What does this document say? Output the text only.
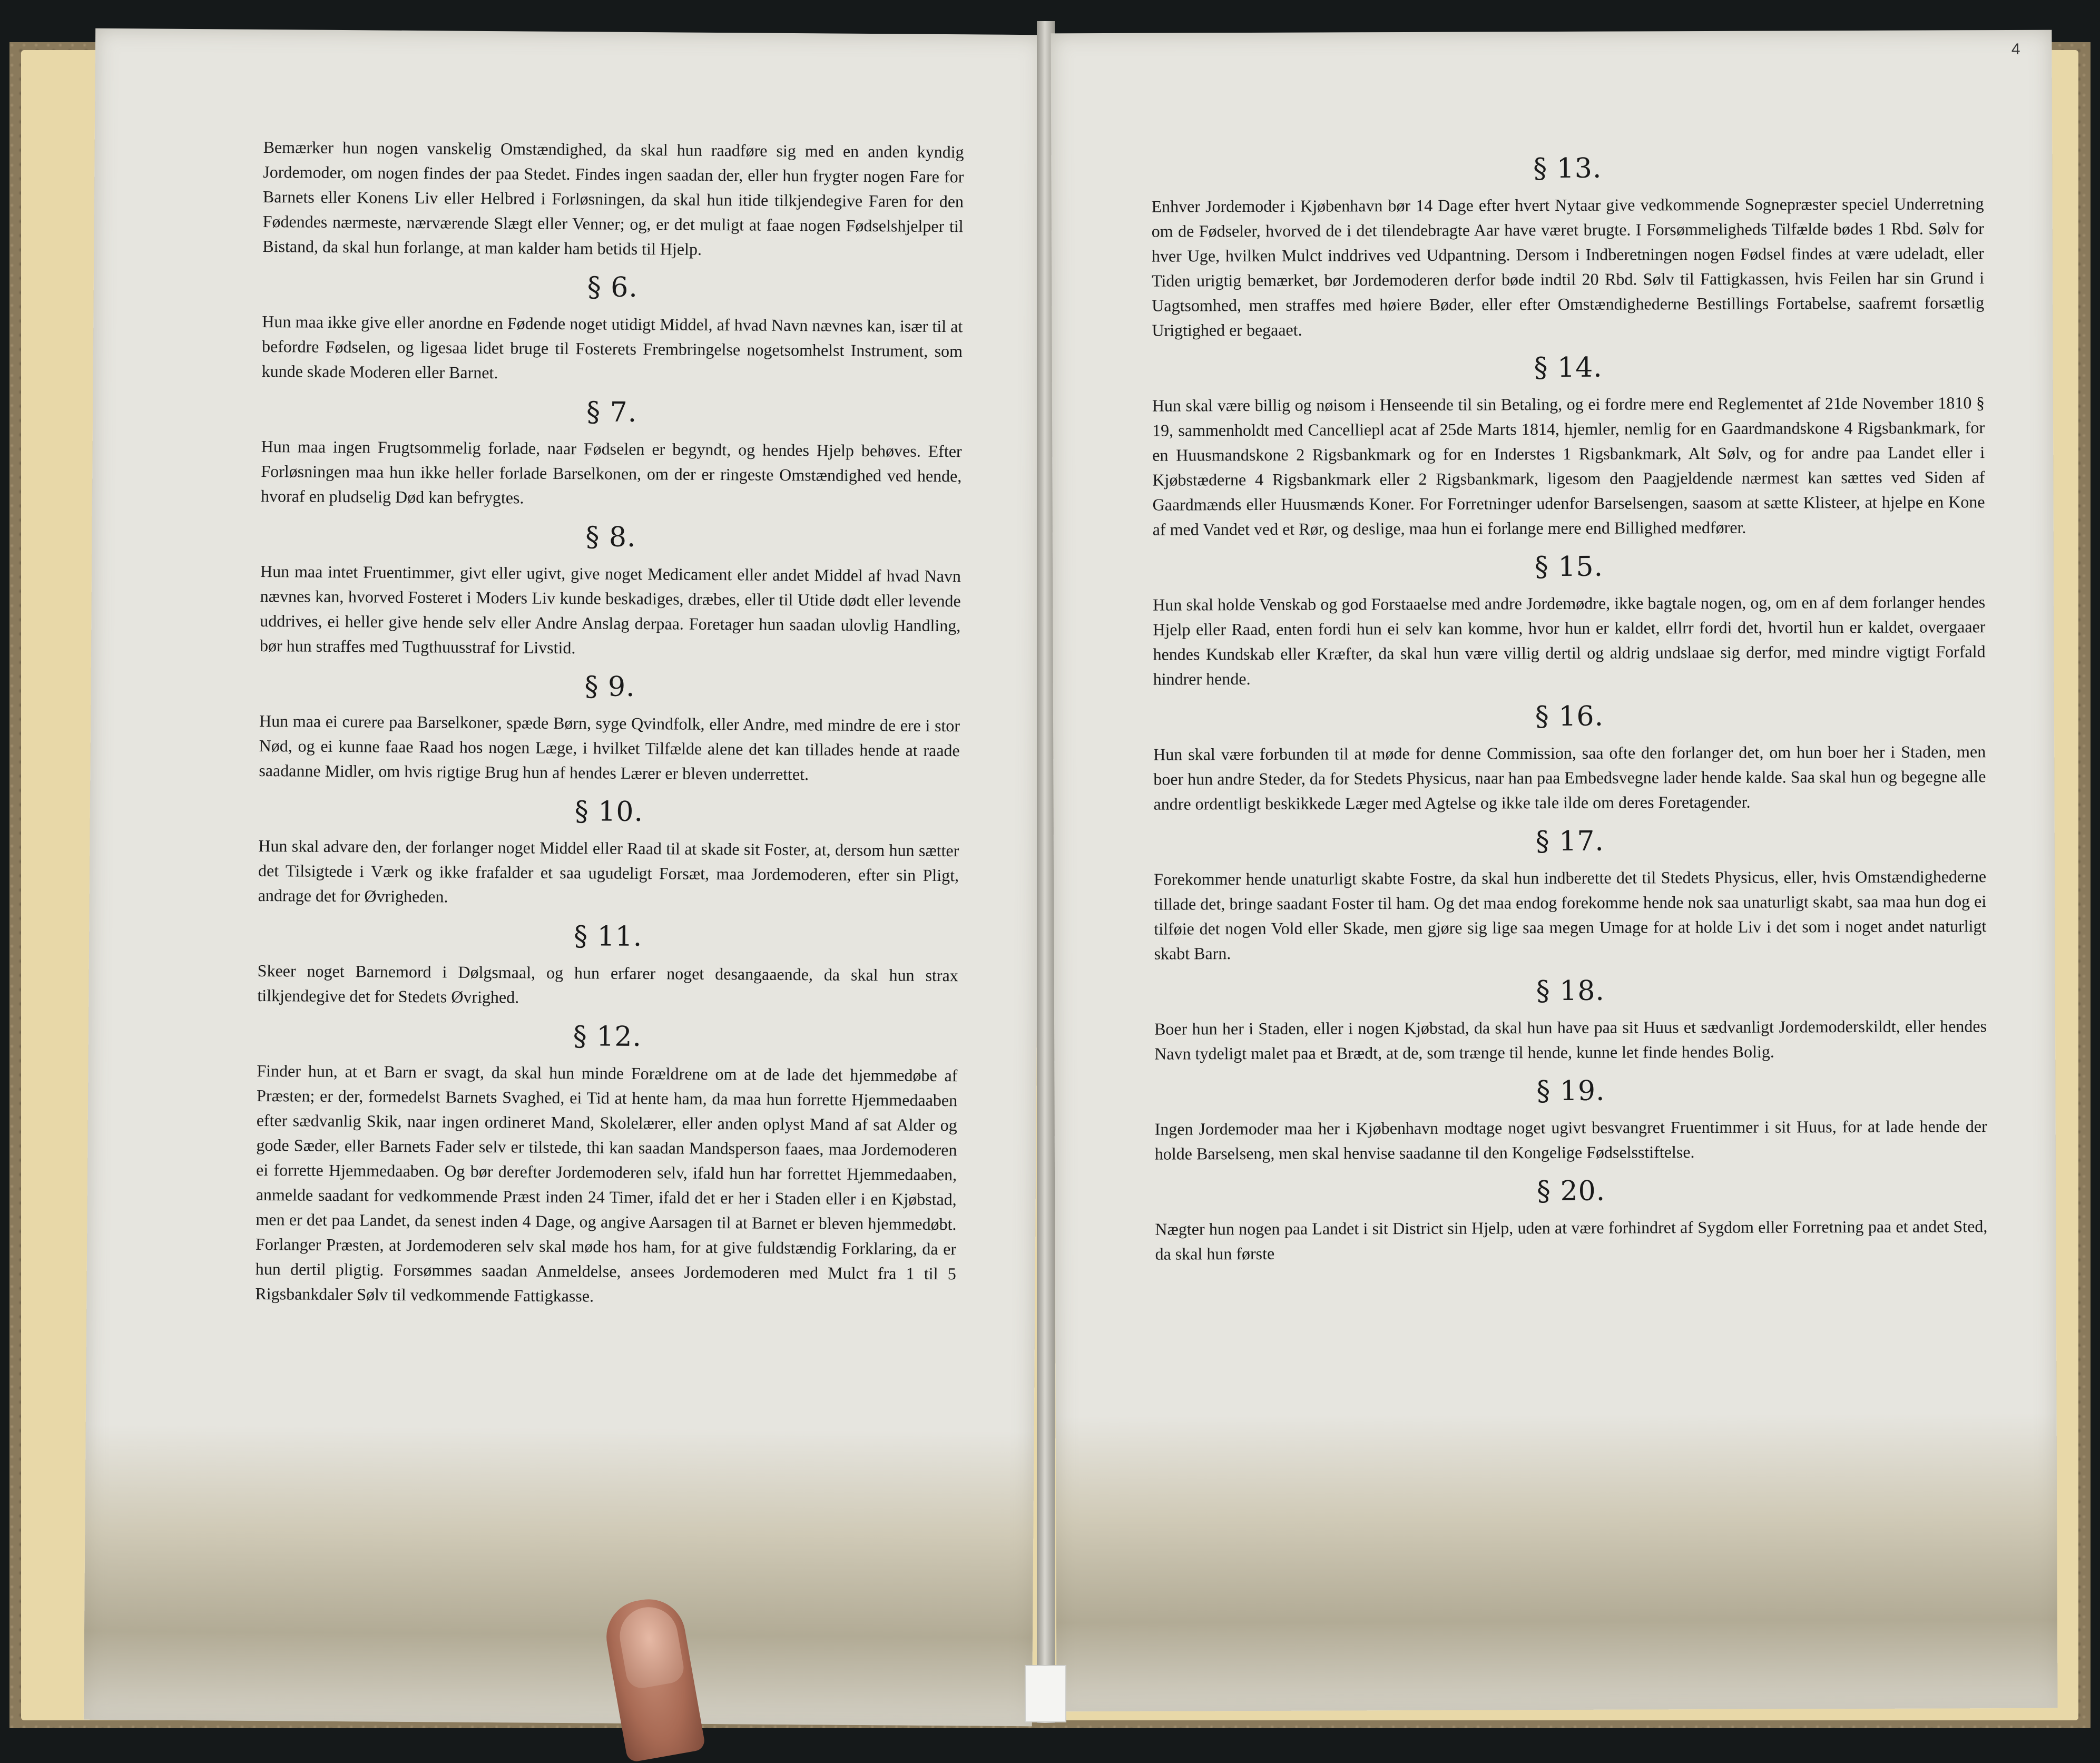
Bemærker hun nogen vanskelig Omstændighed, da skal hun raadføre sig med en anden kyndig Jordemoder, om nogen findes der paa Stedet. Findes ingen saadan der, eller hun frygter nogen Fare for Barnets eller Konens Liv eller Helbred i Forløsningen, da skal hun itide tilkjendegive Faren for den Fødendes nærmeste, nærværende Slægt eller Venner; og, er det muligt at faae nogen Fødselshjelper til Bistand, da skal hun forlange, at man kalder ham betids til Hjelp.

§ 6.

Hun maa ikke give eller anordne en Fødende noget utidigt Middel, af hvad Navn nævnes kan, især til at befordre Fødselen, og ligesaa lidet bruge til Fosterets Frembringelse nogetsomhelst Instrument, som kunde skade Moderen eller Barnet.

§ 7.

Hun maa ingen Frugtsommelig forlade, naar Fødselen er begyndt, og hendes Hjelp behøves. Efter Forløsningen maa hun ikke heller forlade Barselkonen, om der er ringeste Omstændighed ved hende, hvoraf en pludselig Død kan befrygtes.

§ 8.

Hun maa intet Fruentimmer, givt eller ugivt, give noget Medicament eller andet Middel af hvad Navn nævnes kan, hvorved Fosteret i Moders Liv kunde beskadiges, dræbes, eller til Utide dødt eller levende uddrives, ei heller give hende selv eller Andre Anslag derpaa. Foretager hun saadan ulovlig Handling, bør hun straffes med Tugthuusstraf for Livstid.

§ 9.

Hun maa ei curere paa Barselkoner, spæde Børn, syge Qvindfolk, eller Andre, med mindre de ere i stor Nød, og ei kunne faae Raad hos nogen Læge, i hvilket Tilfælde alene det kan tillades hende at raade saadanne Midler, om hvis rigtige Brug hun af hendes Lærer er bleven underrettet.

§ 10.

Hun skal advare den, der forlanger noget Middel eller Raad til at skade sit Foster, at, dersom hun sætter det Tilsigtede i Værk og ikke frafalder et saa ugudeligt Forsæt, maa Jordemoderen, efter sin Pligt, andrage det for Øvrigheden.

§ 11.

Skeer noget Barnemord i Dølgsmaal, og hun erfarer noget desangaaende, da skal hun strax tilkjendegive det for Stedets Øvrighed.

§ 12.

Finder hun, at et Barn er svagt, da skal hun minde Forældrene om at de lade det hjemmedøbe af Præsten; er der, formedelst Barnets Svaghed, ei Tid at hente ham, da maa hun forrette Hjemmedaaben efter sædvanlig Skik, naar ingen ordineret Mand, Skolelærer, eller anden oplyst Mand af sat Alder og gode Sæder, eller Barnets Fader selv er tilstede, thi kan saadan Mandsperson faaes, maa Jordemoderen ei forrette Hjemmedaaben. Og bør derefter Jordemoderen selv, ifald hun har forrettet Hjemmedaaben, anmelde saadant for vedkommende Præst inden 24 Timer, ifald det er her i Staden eller i en Kjøbstad, men er det paa Landet, da senest inden 4 Dage, og angive Aarsagen til at Barnet er bleven hjemmedøbt. Forlanger Præsten, at Jordemoderen selv skal møde hos ham, for at give fuldstændig Forklaring, da er hun dertil pligtig. Forsømmes saadan Anmeldelse, ansees Jordemoderen med Mulct fra 1 til 5 Rigsbankdaler Sølv til vedkommende Fattigkasse.

4
§ 13.

Enhver Jordemoder i Kjøbenhavn bør 14 Dage efter hvert Nytaar give vedkommende Sognepræster speciel Underretning om de Fødseler, hvorved de i det tilendebragte Aar have været brugte. I Forsømmeligheds Tilfælde bødes 1 Rbd. Sølv for hver Uge, hvilken Mulct inddrives ved Udpantning. Dersom i Indberetningen nogen Fødsel findes at være udeladt, eller Tiden urigtig bemærket, bør Jordemoderen derfor bøde indtil 20 Rbd. Sølv til Fattigkassen, hvis Feilen har sin Grund i Uagtsomhed, men straffes med høiere Bøder, eller efter Omstændighederne Bestillings Fortabelse, saafremt forsætlig Urigtighed er begaaet.

§ 14.

Hun skal være billig og nøisom i Henseende til sin Betaling, og ei fordre mere end Reglementet af 21de November 1810 § 19, sammenholdt med Cancelliepl acat af 25de Marts 1814, hjemler, nemlig for en Gaardmandskone 4 Rigsbankmark, for en Huusmandskone 2 Rigsbankmark og for en Inderstes 1 Rigsbankmark, Alt Sølv, og for andre paa Landet eller i Kjøbstæderne 4 Rigsbankmark eller 2 Rigsbankmark, ligesom den Paagjeldende nærmest kan sættes ved Siden af Gaardmænds eller Huusmænds Koner. For Forretninger udenfor Barselsengen, saasom at sætte Klisteer, at hjelpe en Kone af med Vandet ved et Rør, og deslige, maa hun ei forlange mere end Billighed medfører.

§ 15.

Hun skal holde Venskab og god Forstaaelse med andre Jordemødre, ikke bagtale nogen, og, om en af dem forlanger hendes Hjelp eller Raad, enten fordi hun ei selv kan komme, hvor hun er kaldet, ellrr fordi det, hvortil hun er kaldet, overgaaer hendes Kundskab eller Kræfter, da skal hun være villig dertil og aldrig undslaae sig derfor, med mindre vigtigt Forfald hindrer hende.

§ 16.

Hun skal være forbunden til at møde for denne Commission, saa ofte den forlanger det, om hun boer her i Staden, men boer hun andre Steder, da for Stedets Physicus, naar han paa Embedsvegne lader hende kalde. Saa skal hun og begegne alle andre ordentligt beskikkede Læger med Agtelse og ikke tale ilde om deres Foretagender.

§ 17.

Forekommer hende unaturligt skabte Fostre, da skal hun indberette det til Stedets Physicus, eller, hvis Omstændighederne tillade det, bringe saadant Foster til ham. Og det maa endog forekomme hende nok saa unaturligt skabt, saa maa hun dog ei tilføie det nogen Vold eller Skade, men gjøre sig lige saa megen Umage for at holde Liv i det som i noget andet naturligt skabt Barn.

§ 18.

Boer hun her i Staden, eller i nogen Kjøbstad, da skal hun have paa sit Huus et sædvanligt Jordemoderskildt, eller hendes Navn tydeligt malet paa et Brædt, at de, som trænge til hende, kunne let finde hendes Bolig.

§ 19.

Ingen Jordemoder maa her i Kjøbenhavn modtage noget ugivt besvangret Fruentimmer i sit Huus, for at lade hende der holde Barselseng, men skal henvise saadanne til den Kongelige Fødselsstiftelse.

§ 20.

Nægter hun nogen paa Landet i sit District sin Hjelp, uden at være forhindret af Sygdom eller Forretning paa et andet Sted, da skal hun første
